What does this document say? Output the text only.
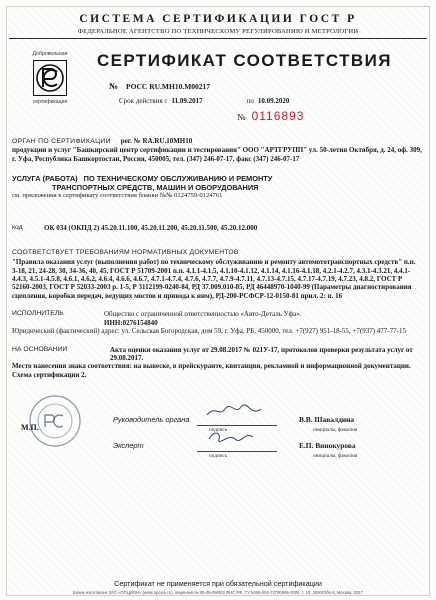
СИСТЕМА СЕРТИФИКАЦИИ ГОСТ Р
ФЕДЕРАЛЬНОЕ АГЕНТСТВО ПО ТЕХНИЧЕСКОМУ РЕГУЛИРОВАНИЮ И МЕТРОЛОГИИ
Добровольная
сертификация
СЕРТИФИКАТ СООТВЕТСТВИЯ
№ РОСС RU.МН10.М00217
Срок действия с 11.09.2017	по 10.09.2020
№ 0116893
ОРГАН ПО СЕРТИФИКАЦИИ рег. № RA.RU.10МН10
продукции и услуг "Башкирский центр сертификации и тестирования" ООО "АРТГРУПП" ул. 50-летия Октября, д. 24, оф. 309, г. Уфа, Республика Башкортостан, Россия, 450005, тел. (347) 246-07-17, факс (347) 246-07-17
УСЛУГА (РАБОТА) ПО ТЕХНИЧЕСКОМУ ОБСЛУЖИВАНИЮ И РЕМОНТУ
ТРАНСПОРТНЫХ СРЕДСТВ, МАШИН И ОБОРУДОВАНИЯ
см. приложения к сертификату соответствия бланки №№ 0124759-0124761
код	ОК 034 (ОКПД 2) 45.20.11.100, 45.20.11.200, 45.20.11.500, 45.20.12.000
СООТВЕТСТВУЕТ ТРЕБОВАНИЯМ НОРМАТИВНЫХ ДОКУМЕНТОВ
"Правила оказания услуг (выполнения работ) по техническому обслуживанию и ремонту автомототранспортных средств" п.п. 3-18, 21, 24-28, 30, 34-36, 40, 45, ГОСТ Р 51709-2001 п.п. 4.1.1-4.1.5, 4.1.10-4.1.12, 4.1.14, 4.1.16-4.1.18, 4.2.1-4.2.7, 4.3.1-4.3.21, 4.4.1-4.4.3, 4.5.1-4.5.8, 4.6.1, 4.6.2, 4.6.4, 4.6.6, 4.6.7, 4.7.1-4.7.4, 4.7.6, 4.7.7, 4.7.9-4.7.11, 4.7.13-4.7.15, 4.7.17-4.7.19, 4.7.23, 4.8.2, ГОСТ Р 52160-2003, ГОСТ Р 52033-2003 р. 1-5, Р 3112199-0240-84, РД 37.009.010-85, РД 46448970-1040-99 (Параметры диагностирования сцепления, коробки передач, ведущих мостов и привода к ним), РД-200-РСФСР-12-0150-81 прил. 2: п. 16
ИСПОЛНИТЕЛЬ	Общество с ограниченной ответственностью «Авто-Деталь Уфа».
ИНН:0276154840
Юридический (фактический) адрес: ул. Сельская Богородская, дом 59, г. Уфа, РБ, 450000, тел. +7(927) 951-18-55, +7(937) 477-77-15
НА ОСНОВАНИИ	Акта оценки оказания услуг от 29.08.2017 № 021У-17, протоколов проверки результата услуг от 29.08.2017.
Место нанесения знака соответствия: на вывеске, в прейскуранте, квитанции, рекламной и информационной документации.
Схема сертификации 2.
М.П.
Руководитель органа
подпись
В.В. Шавалдина
инициалы, фамилия
Эксперт
подпись
Е.П. Винокурова
инициалы, фамилия
Сертификат не применяется при обязательной сертификации
Бланк изготовлен ЗАО «ОПЦИОН» (www.opcion.ru), лицензия № 05-05-09/003 ФНС РФ, ТУ 5458-004-72700999-2005, т. 10, 3000/Обп-5, Москва, 2017
